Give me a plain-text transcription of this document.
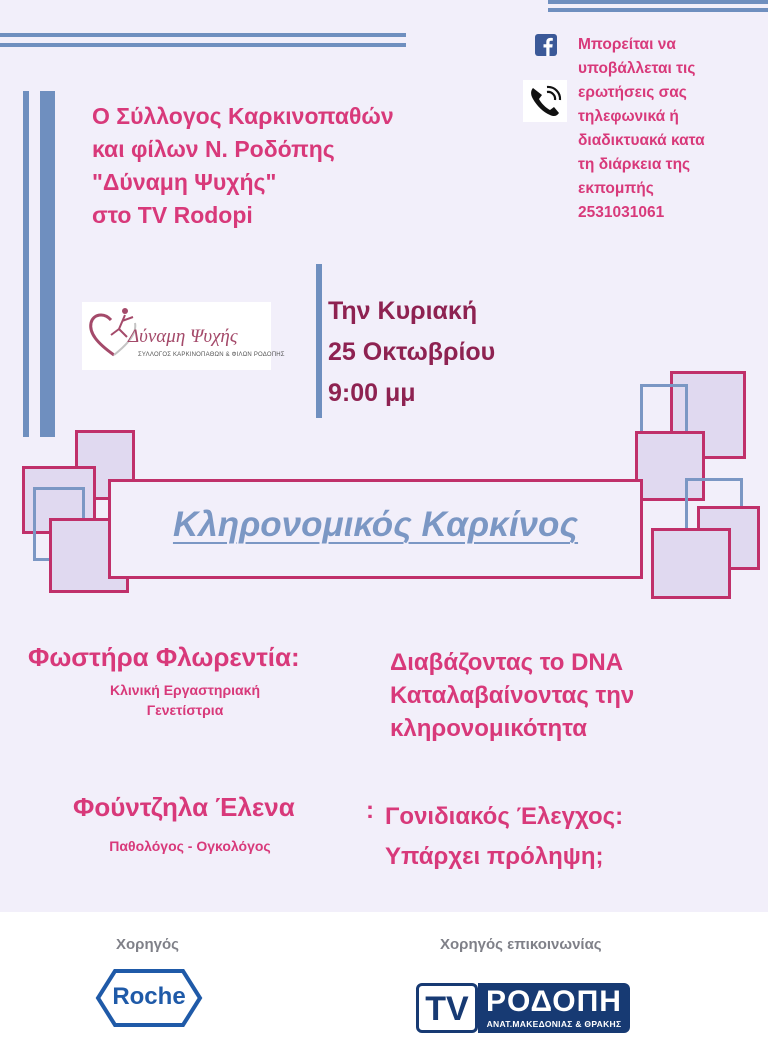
Ο Σύλλογος Καρκινοπαθών
και φίλων Ν. Ροδόπης
"Δύναμη Ψυχής"
στο TV Rodopi
Μπορείται να
υποβάλλεται τις
ερωτήσεις σας
τηλεφωνικά ή
διαδικτυακά κατα
τη διάρκεια της
εκπομπής
2531031061
Δύναμη Ψυχής
ΣΥΛΛΟΓΟΣ ΚΑΡΚΙΝΟΠΑΘΩΝ & ΦΙΛΩΝ ΡΟΔΟΠΗΣ
Την Κυριακή
25 Οκτωβρίου
9:00 μμ
Κληρονομικός Καρκίνος
Φωστήρα Φλωρεντία:
Κλινική Εργαστηριακή
Γενετίστρια
Διαβάζοντας το DNA
Καταλαβαίνοντας την
κληρονομικότητα
Φούντζηλα Έλενα	:
Παθολόγος - Ογκολόγος
Γονιδιακός Έλεγχος:
Υπάρχει πρόληψη;
Χορηγός
Roche
Χορηγός επικοινωνίας
TV ΡΟΔΟΠΗ
ΑΝΑΤ.ΜΑΚΕΔΟΝΙΑΣ & ΘΡΑΚΗΣ
